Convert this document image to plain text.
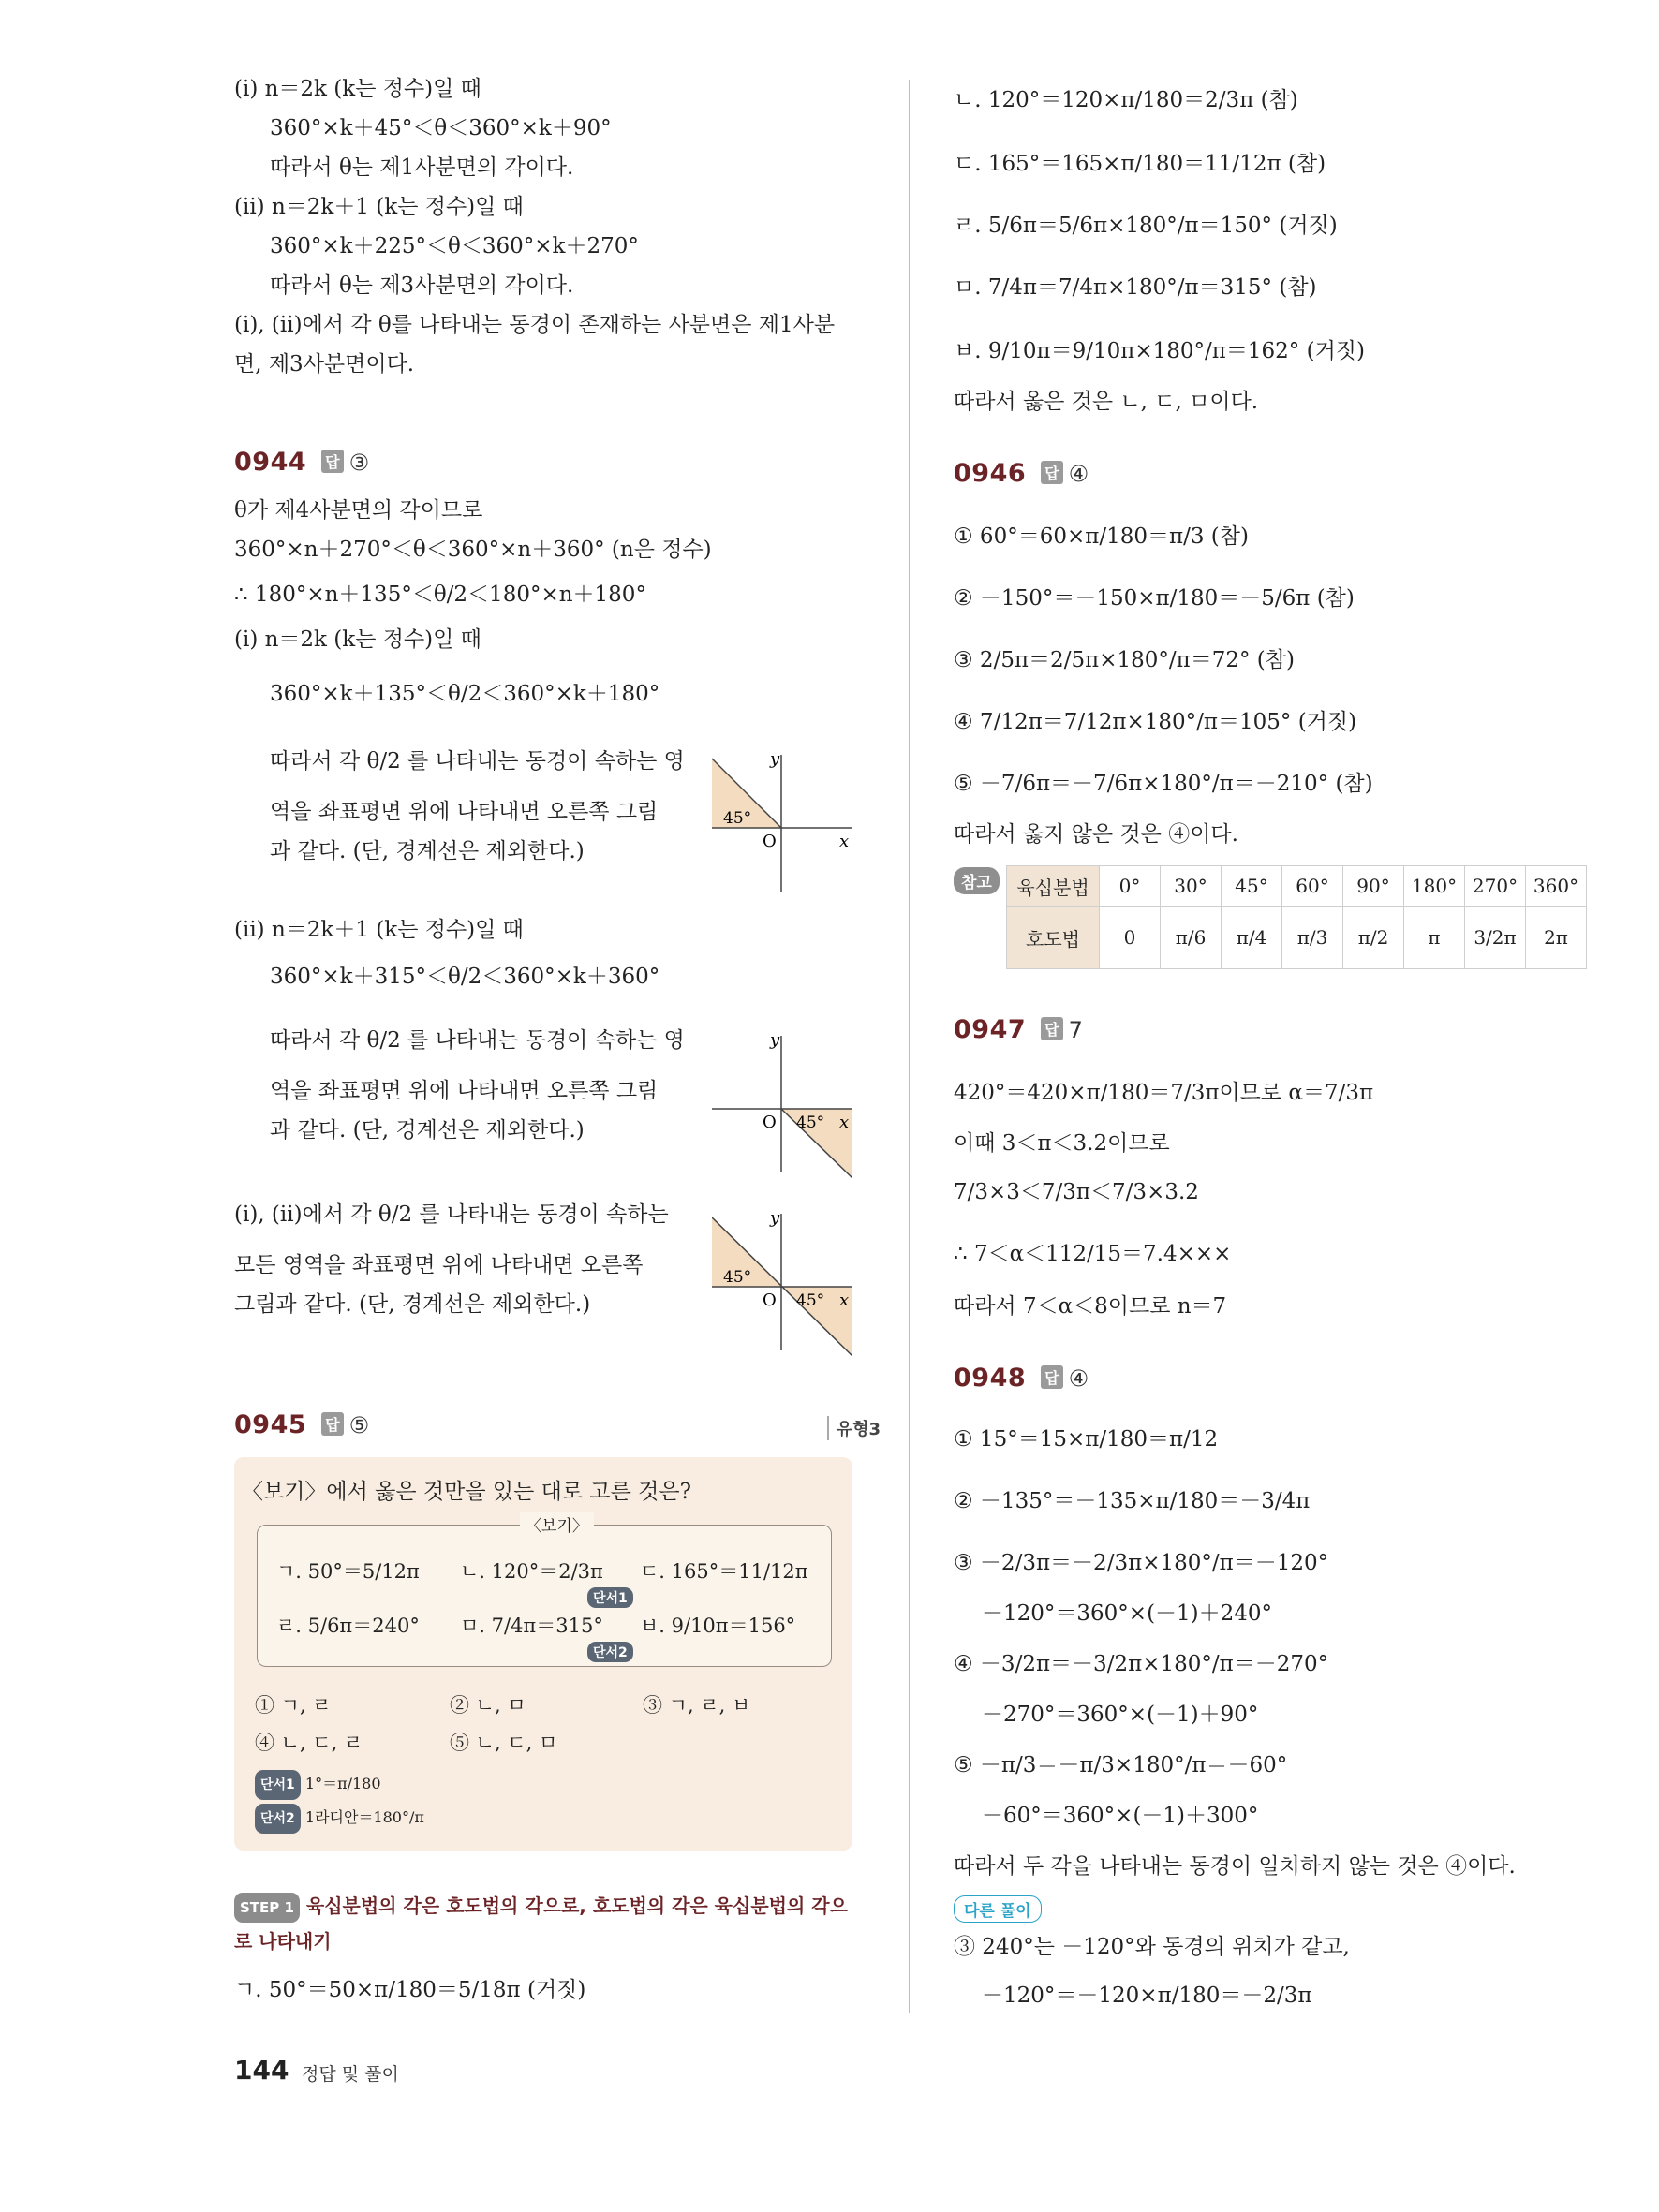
(ⅰ) n＝2k (k는 정수)일 때
360°×k＋45°＜θ＜360°×k＋90°
따라서 θ는 제1사분면의 각이다.
(ⅱ) n＝2k＋1 (k는 정수)일 때
360°×k＋225°＜θ＜360°×k＋270°
따라서 θ는 제3사분면의 각이다.
(ⅰ), (ⅱ)에서 각 θ를 나타내는 동경이 존재하는 사분면은 제1사분
면, 제3사분면이다.
0944 답 ③
θ가 제4사분면의 각이므로
360°×n＋270°＜θ＜360°×n＋360° (n은 정수)
∴ 180°×n＋135°＜θ/2＜180°×n＋180°
(ⅰ) n＝2k (k는 정수)일 때
360°×k＋135°＜θ/2＜360°×k＋180°
따라서 각 θ/2 를 나타내는 동경이 속하는 영
역을 좌표평면 위에 나타내면 오른쪽 그림
과 같다. (단, 경계선은 제외한다.)
45°
O	x
y
(ⅱ) n＝2k＋1 (k는 정수)일 때
360°×k＋315°＜θ/2＜360°×k＋360°
따라서 각 θ/2 를 나타내는 동경이 속하는 영
역을 좌표평면 위에 나타내면 오른쪽 그림
과 같다. (단, 경계선은 제외한다.)	45°
O	x
y
(ⅰ), (ⅱ)에서 각 θ/2 를 나타내는 동경이 속하는
모든 영역을 좌표평면 위에 나타내면 오른쪽
그림과 같다. (단, 경계선은 제외한다.)
45°
45°
O	x
y
0945 답 ⑤	유형3
〈보기〉에서 옳은 것만을 있는 대로 고른 것은?
〈보기〉
ㄱ. 50°＝5/12π ㄴ. 120°＝2/3π ㄷ. 165°＝11/12π
ㄹ. 5/6π＝240° ㅁ. 7/4π＝315° ㅂ. 9/10π＝156°
단서1
단서2
① ㄱ, ㄹ	② ㄴ, ㅁ	③ ㄱ, ㄹ, ㅂ
④ ㄴ, ㄷ, ㄹ	⑤ ㄴ, ㄷ, ㅁ
단서1 1°＝π/180
단서2 1라디안＝180°/π
STEP 1 육십분법의 각은 호도법의 각으로, 호도법의 각은 육십분법의 각으
로 나타내기
ㄱ. 50°＝50×π/180＝5/18π (거짓)
ㄴ. 120°＝120×π/180＝2/3π (참)
ㄷ. 165°＝165×π/180＝11/12π (참)
ㄹ. 5/6π＝5/6π×180°/π＝150° (거짓)
ㅁ. 7/4π＝7/4π×180°/π＝315° (참)
ㅂ. 9/10π＝9/10π×180°/π＝162° (거짓)
따라서 옳은 것은 ㄴ, ㄷ, ㅁ이다.
0946 답 ④
① 60°＝60×π/180＝π/3 (참)
② －150°＝－150×π/180＝－5/6π (참)
③ 2/5π＝2/5π×180°/π＝72° (참)
④ 7/12π＝7/12π×180°/π＝105° (거짓)
⑤ －7/6π＝－7/6π×180°/π＝－210° (참)
따라서 옳지 않은 것은 ④이다.
참고	육십분법	0°	30°	45°	60°	90°	180°	270°	360°
호도법	0	π/6	π/4	π/3	π/2	π	3/2π	2π
0947 답 7
420°＝420×π/180＝7/3π이므로 α＝7/3π
이때 3＜π＜3.2이므로
7/3×3＜7/3π＜7/3×3.2
∴ 7＜α＜112/15＝7.4×××
따라서 7＜α＜8이므로 n＝7
0948 답 ④
① 15°＝15×π/180＝π/12
② －135°＝－135×π/180＝－3/4π
③ －2/3π＝－2/3π×180°/π＝－120°
－120°＝360°×(－1)＋240°
④ －3/2π＝－3/2π×180°/π＝－270°
－270°＝360°×(－1)＋90°
⑤ －π/3＝－π/3×180°/π＝－60°
－60°＝360°×(－1)＋300°
따라서 두 각을 나타내는 동경이 일치하지 않는 것은 ④이다.
다른 풀이
③ 240°는 －120°와 동경의 위치가 같고,
－120°＝－120×π/180＝－2/3π
144 정답 및 풀이
